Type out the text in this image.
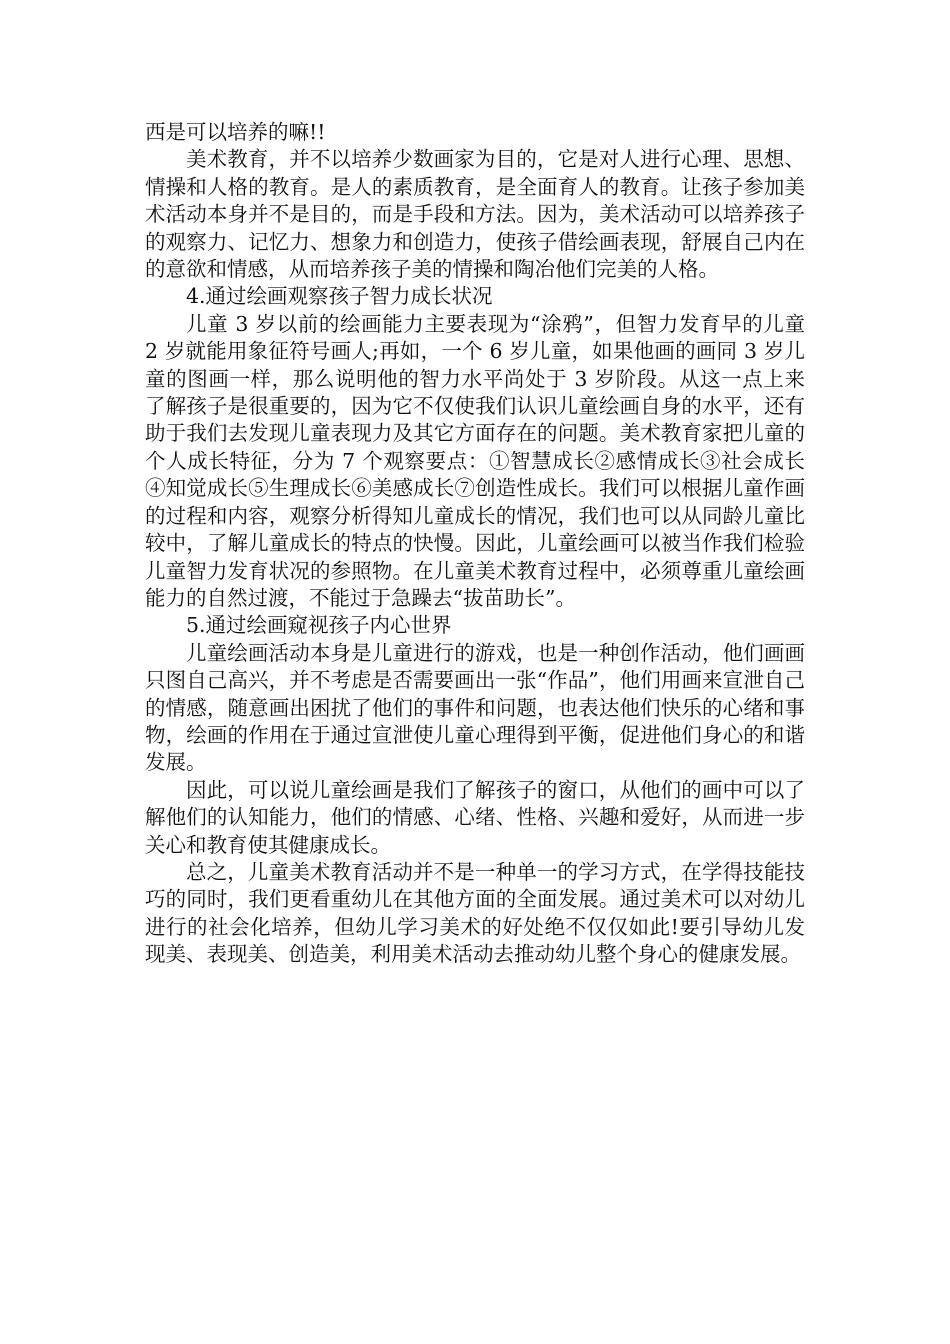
西是可以培养的嘛!!

美术教育，并不以培养少数画家为目的，它是对人进行心理、思想、情操和人格的教育。是人的素质教育，是全面育人的教育。让孩子参加美术活动本身并不是目的，而是手段和方法。因为，美术活动可以培养孩子的观察力、记忆力、想象力和创造力，使孩子借绘画表现，舒展自己内在的意欲和情感，从而培养孩子美的情操和陶冶他们完美的人格。

4.通过绘画观察孩子智力成长状况

儿童 3 岁以前的绘画能力主要表现为“涂鸦”，但智力发育早的儿童 2 岁就能用象征符号画人;再如，一个 6 岁儿童，如果他画的画同 3 岁儿童的图画一样，那么说明他的智力水平尚处于 3 岁阶段。从这一点上来了解孩子是很重要的，因为它不仅使我们认识儿童绘画自身的水平，还有助于我们去发现儿童表现力及其它方面存在的问题。美术教育家把儿童的个人成长特征，分为 7 个观察要点：①智慧成长②感情成长③社会成长④知觉成长⑤生理成长⑥美感成长⑦创造性成长。我们可以根据儿童作画的过程和内容，观察分析得知儿童成长的情况，我们也可以从同龄儿童比较中，了解儿童成长的特点的快慢。因此，儿童绘画可以被当作我们检验儿童智力发育状况的参照物。在儿童美术教育过程中，必须尊重儿童绘画能力的自然过渡，不能过于急躁去“拔苗助长”。

5.通过绘画窥视孩子内心世界

儿童绘画活动本身是儿童进行的游戏，也是一种创作活动，他们画画只图自己高兴，并不考虑是否需要画出一张“作品”，他们用画来宣泄自己的情感，随意画出困扰了他们的事件和问题，也表达他们快乐的心绪和事物，绘画的作用在于通过宣泄使儿童心理得到平衡，促进他们身心的和谐发展。

因此，可以说儿童绘画是我们了解孩子的窗口，从他们的画中可以了解他们的认知能力，他们的情感、心绪、性格、兴趣和爱好，从而进一步关心和教育使其健康成长。

总之，儿童美术教育活动并不是一种单一的学习方式，在学得技能技巧的同时，我们更看重幼儿在其他方面的全面发展。通过美术可以对幼儿进行的社会化培养，但幼儿学习美术的好处绝不仅仅如此!要引导幼儿发现美、表现美、创造美，利用美术活动去推动幼儿整个身心的健康发展。
